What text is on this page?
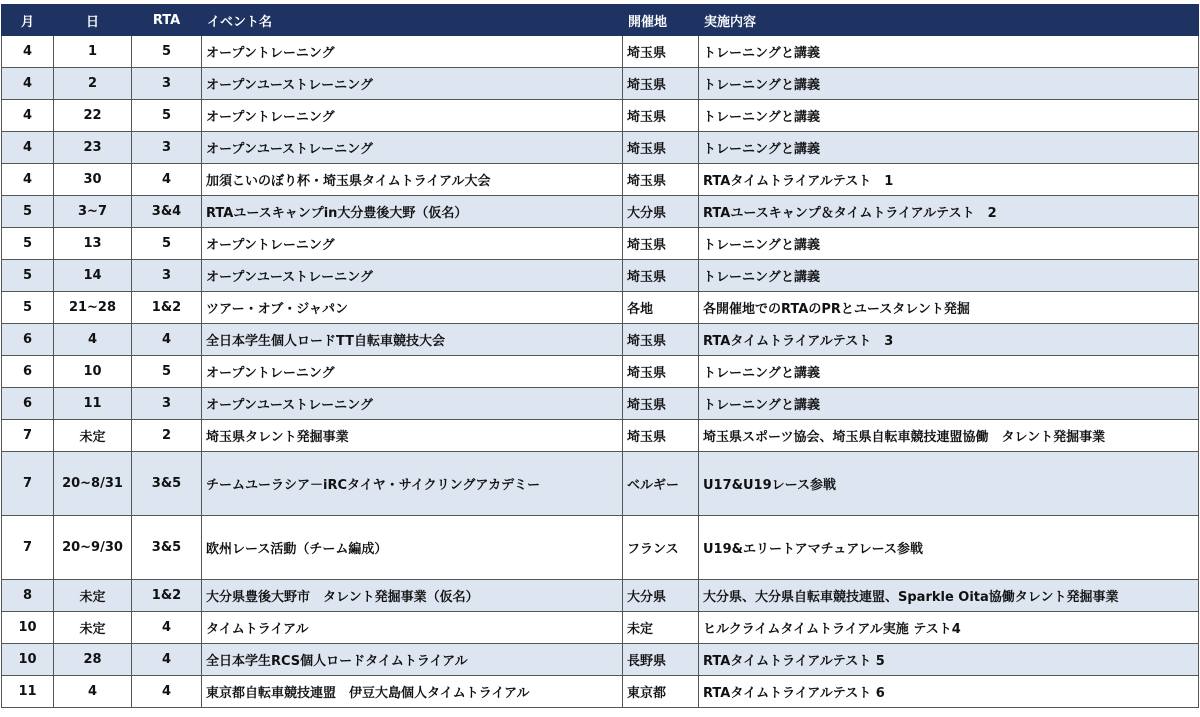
月	日	RTA	イベント名	開催地	実施内容
4	1	5	オープントレーニング	埼玉県	トレーニングと講義
4	2	3	オープンユーストレーニング	埼玉県	トレーニングと講義
4	22	5	オープントレーニング	埼玉県	トレーニングと講義
4	23	3	オープンユーストレーニング	埼玉県	トレーニングと講義
4	30	4	加須こいのぼり杯・埼玉県タイムトライアル大会	埼玉県	RTAタイムトライアルテスト　1
5	3~7	3&4	RTAユースキャンプin大分豊後大野（仮名）	大分県	RTAユースキャンプ＆タイムトライアルテスト　2
5	13	5	オープントレーニング	埼玉県	トレーニングと講義
5	14	3	オープンユーストレーニング	埼玉県	トレーニングと講義
5	21~28	1&2	ツアー・オブ・ジャパン	各地	各開催地でのRTAのPRとユースタレント発掘
6	4	4	全日本学生個人ロードTT自転車競技大会	埼玉県	RTAタイムトライアルテスト　3
6	10	5	オープントレーニング	埼玉県	トレーニングと講義
6	11	3	オープンユーストレーニング	埼玉県	トレーニングと講義
7	未定	2	埼玉県タレント発掘事業	埼玉県	埼玉県スポーツ協会、埼玉県自転車競技連盟協働　タレント発掘事業
7	20~8/31	3&5	チームユーラシア－iRCタイヤ・サイクリングアカデミー	ベルギー	U17&U19レース参戦
7	20~9/30	3&5	欧州レース活動（チーム編成）	フランス	U19&エリートアマチュアレース参戦
8	未定	1&2	大分県豊後大野市　タレント発掘事業（仮名）	大分県	大分県、大分県自転車競技連盟、Sparkle Oita協働タレント発掘事業
10	未定	4	タイムトライアル	未定	ヒルクライムタイムトライアル実施 テスト4
10	28	4	全日本学生RCS個人ロードタイムトライアル	長野県	RTAタイムトライアルテスト 5
11	4	4	東京都自転車競技連盟　伊豆大島個人タイムトライアル	東京都	RTAタイムトライアルテスト 6
